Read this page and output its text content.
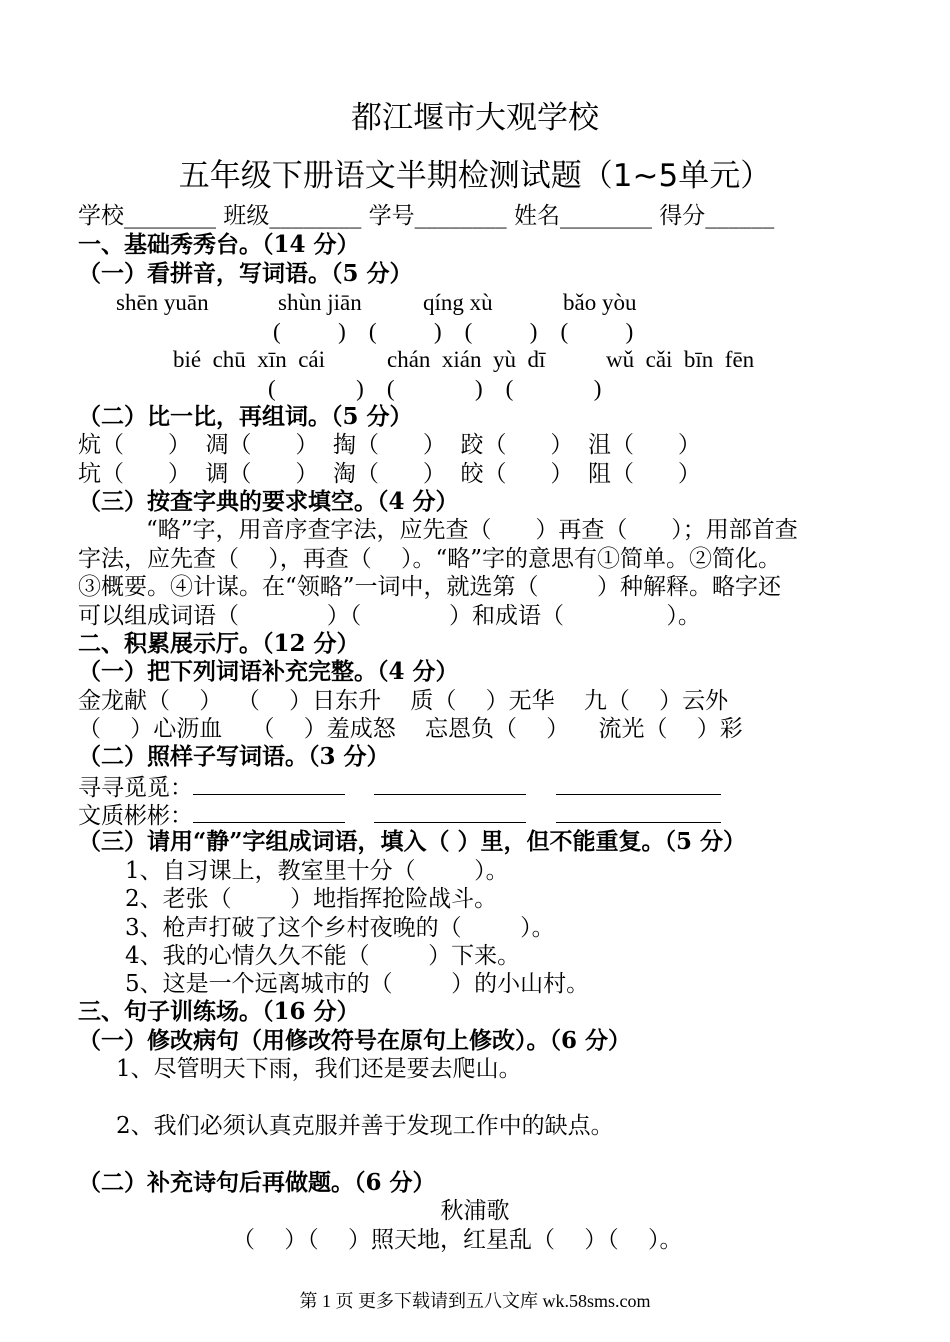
都江堰市大观学校
五年级下册语文半期检测试题（1~5单元）
学校________ 班级________ 学号________ 姓名________ 得分______
一、基础秀秀台。（14 分）
（一）看拼音，写词语。（5 分）
shēn yuān	shùn jiān	qíng xù	bǎo yòu
(          )    (          )    (          )    (          )
bié  chū  xīn  cái	chán  xián  yù  dī	wǔ  cǎi  bīn  fēn
(              )    (              )    (              )
（二）比一比，再组词。（5 分）
炕（      ）  凋（      ）  掏（      ）  跤（      ）  沮（      ）
坑（      ）  调（      ）  淘（      ）  皎（      ）  阻（      ）
（三）按查字典的要求填空。（4 分）
“略”字，用音序查字法，应先查（      ）再查（      ）；用部首查
字法，应先查（    ），再查（    ）。“略”字的意思有①简单。②简化。
③概要。④计谋。在“领略”一词中，就选第（        ）种解释。略字还
可以组成词语（            ）（            ）和成语（              ）。
二、积累展示厅。（12 分）
（一）把下列词语补充完整。（4 分）
金龙献（    ）  （    ）日东升    质（    ）无华    九（    ）云外
（    ）心沥血    （    ）羞成怒    忘恩负（    ）    流光（    ）彩
（二）照样子写词语。（3 分）
寻寻觅觅：
文质彬彬：
（三）请用“静”字组成词语，填入（ ）里，但不能重复。（5 分）
1、自习课上，教室里十分（        ）。
2、老张（        ）地指挥抢险战斗。
3、枪声打破了这个乡村夜晚的（        ）。
4、我的心情久久不能（        ）下来。
5、这是一个远离城市的（        ）的小山村。
三、句子训练场。（16 分）
（一）修改病句（用修改符号在原句上修改）。（6 分）
1、尽管明天下雨，我们还是要去爬山。
2、我们必须认真克服并善于发现工作中的缺点。
（二）补充诗句后再做题。（6 分）
秋浦歌
（    ）（    ）照天地，红星乱（    ）（    ）。
第 1 页 更多下载请到五八文库 wk.58sms.com
